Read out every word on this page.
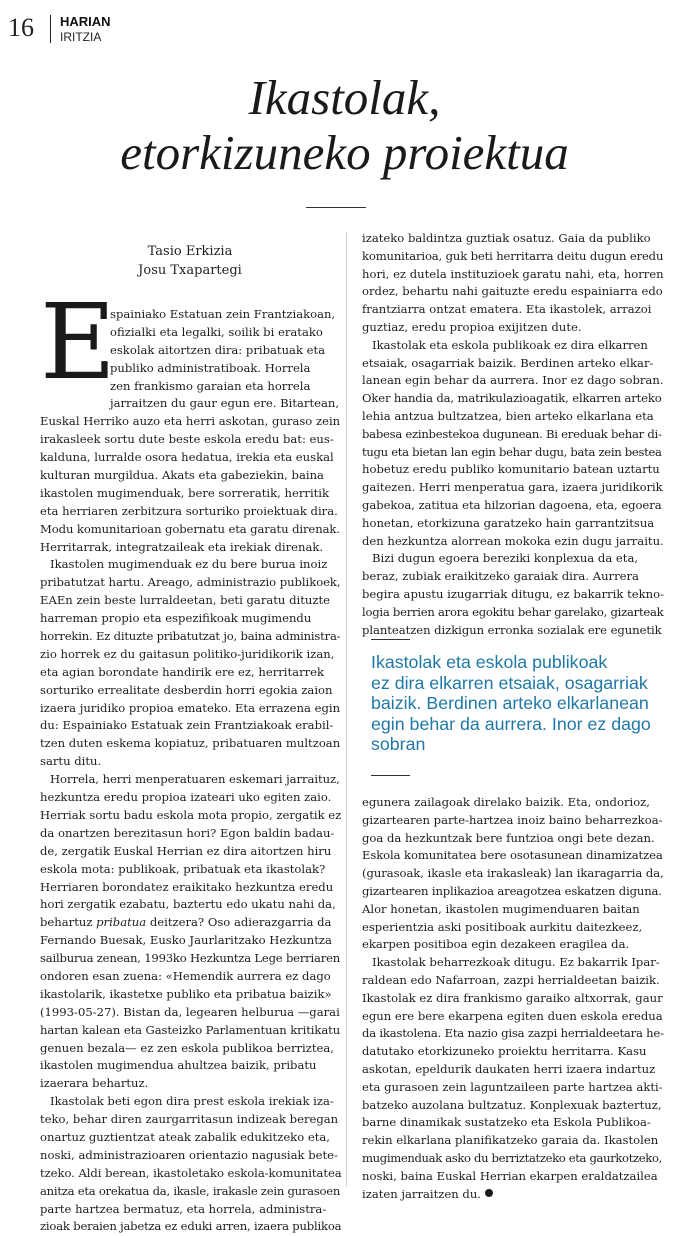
16 HARIAN
IRITZIA
Ikastolak,
etorkizuneko proiektua
Tasio Erkizia
Josu Txapartegi
E
spainiako Estatuan zein Frantziakoan,
ofizialki eta legalki, soilik bi eratako
eskolak aitortzen dira: pribatuak eta
publiko administratiboak. Horrela
zen frankismo garaian eta horrela
jarraitzen du gaur egun ere. Bitartean,
Euskal Herriko auzo eta herri askotan, guraso zein
irakasleek sortu dute beste eskola eredu bat: eus-
kalduna, lurralde osora hedatua, irekia eta euskal
kulturan murgildua. Akats eta gabeziekin, baina
ikastolen mugimenduak, bere sorreratik, herritik
eta herriaren zerbitzura sorturiko proiektuak dira.
Modu komunitarioan gobernatu eta garatu direnak.
Herritarrak, integratzaileak eta irekiak direnak.
Ikastolen mugimenduak ez du bere burua inoiz
pribatutzat hartu. Areago, administrazio publikoek,
EAEn zein beste lurraldeetan, beti garatu dituzte
harreman propio eta espezifikoak mugimendu
horrekin. Ez dituzte pribatutzat jo, baina administra-
zio horrek ez du gaitasun politiko-juridikorik izan,
eta agian borondate handirik ere ez, herritarrek
sorturiko errealitate desberdin horri egokia zaion
izaera juridiko propioa emateko. Eta errazena egin
du: Espainiako Estatuak zein Frantziakoak erabil-
tzen duten eskema kopiatuz, pribatuaren multzoan
sartu ditu.
Horrela, herri menperatuaren eskemari jarraituz,
hezkuntza eredu propioa izateari uko egiten zaio.
Herriak sortu badu eskola mota propio, zergatik ez
da onartzen berezitasun hori? Egon baldin badau-
de, zergatik Euskal Herrian ez dira aitortzen hiru
eskola mota: publikoak, pribatuak eta ikastolak?
Herriaren borondatez eraikitako hezkuntza eredu
hori zergatik ezabatu, baztertu edo ukatu nahi da,
behartuz pribatua deitzera? Oso adierazgarria da
Fernando Buesak, Eusko Jaurlaritzako Hezkuntza
sailburua zenean, 1993ko Hezkuntza Lege berriaren
ondoren esan zuena: «Hemendik aurrera ez dago
ikastolarik, ikastetxe publiko eta pribatua baizik»
(1993-05-27). Bistan da, legearen helburua —garai
hartan kalean eta Gasteizko Parlamentuan kritikatu
genuen bezala— ez zen eskola publikoa berriztea,
ikastolen mugimendua ahultzea baizik, pribatu
izaerara behartuz.
Ikastolak beti egon dira prest eskola irekiak iza-
teko, behar diren zaurgarritasun indizeak beregan
onartuz guztientzat ateak zabalik edukitzeko eta,
noski, administrazioaren orientazio nagusiak bete-
tzeko. Aldi berean, ikastoletako eskola-komunitatea
anitza eta orekatua da, ikasle, irakasle zein gurasoen
parte hartzea bermatuz, eta horrela, administra-
zioak beraien jabetza ez eduki arren, izaera publikoa
izateko baldintza guztiak osatuz. Gaia da publiko
komunitarioa, guk beti herritarra deitu dugun eredu
hori, ez dutela instituzioek garatu nahi, eta, horren
ordez, behartu nahi gaituzte eredu espainiarra edo
frantziarra ontzat ematera. Eta ikastolek, arrazoi
guztiaz, eredu propioa exijitzen dute.
Ikastolak eta eskola publikoak ez dira elkarren
etsaiak, osagarriak baizik. Berdinen arteko elkar-
lanean egin behar da aurrera. Inor ez dago sobran.
Oker handia da, matrikulazioagatik, elkarren arteko
lehia antzua bultzatzea, bien arteko elkarlana eta
babesa ezinbestekoa dugunean. Bi ereduak behar di-
tugu eta bietan lan egin behar dugu, bata zein bestea
hobetuz eredu publiko komunitario batean uztartu
gaitezen. Herri menperatua gara, izaera juridikorik
gabekoa, zatitua eta hilzorian dagoena, eta, egoera
honetan, etorkizuna garatzeko hain garrantzitsua
den hezkuntza alorrean mokoka ezin dugu jarraitu.
Bizi dugun egoera bereziki konplexua da eta,
beraz, zubiak eraikitzeko garaiak dira. Aurrera
begira apustu izugarriak ditugu, ez bakarrik tekno-
logia berrien arora egokitu behar garelako, gizarteak
planteatzen dizkigun erronka sozialak ere egunetik
Ikastolak eta eskola publikoak
ez dira elkarren etsaiak, osagarriak
baizik. Berdinen arteko elkarlanean
egin behar da aurrera. Inor ez dago
sobran
egunera zailagoak direlako baizik. Eta, ondorioz,
gizartearen parte-hartzea inoiz baino beharrezkoa-
goa da hezkuntzak bere funtzioa ongi bete dezan.
Eskola komunitatea bere osotasunean dinamizatzea
(gurasoak, ikasle eta irakasleak) lan ikaragarria da,
gizartearen inplikazioa areagotzea eskatzen diguna.
Alor honetan, ikastolen mugimenduaren baitan
esperientzia aski positiboak aurkitu daitezkeez,
ekarpen positiboa egin dezakeen eragilea da.
Ikastolak beharrezkoak ditugu. Ez bakarrik Ipar-
raldean edo Nafarroan, zazpi herrialdeetan baizik.
Ikastolak ez dira frankismo garaiko altxorrak, gaur
egun ere bere ekarpena egiten duen eskola eredua
da ikastolena. Eta nazio gisa zazpi herrialdeetara he-
datutako etorkizuneko proiektu herritarra. Kasu
askotan, epeldurik daukaten herri izaera indartuz
eta gurasoen zein laguntzaileen parte hartzea akti-
batzeko auzolana bultzatuz. Konplexuak baztertuz,
barne dinamikak sustatzeko eta Eskola Publikoa-
rekin elkarlana planifikatzeko garaia da. Ikastolen
mugimenduak asko du berriztatzeko eta gaurkotzeko,
noski, baina Euskal Herrian ekarpen eraldatzailea
izaten jarraitzen du.
